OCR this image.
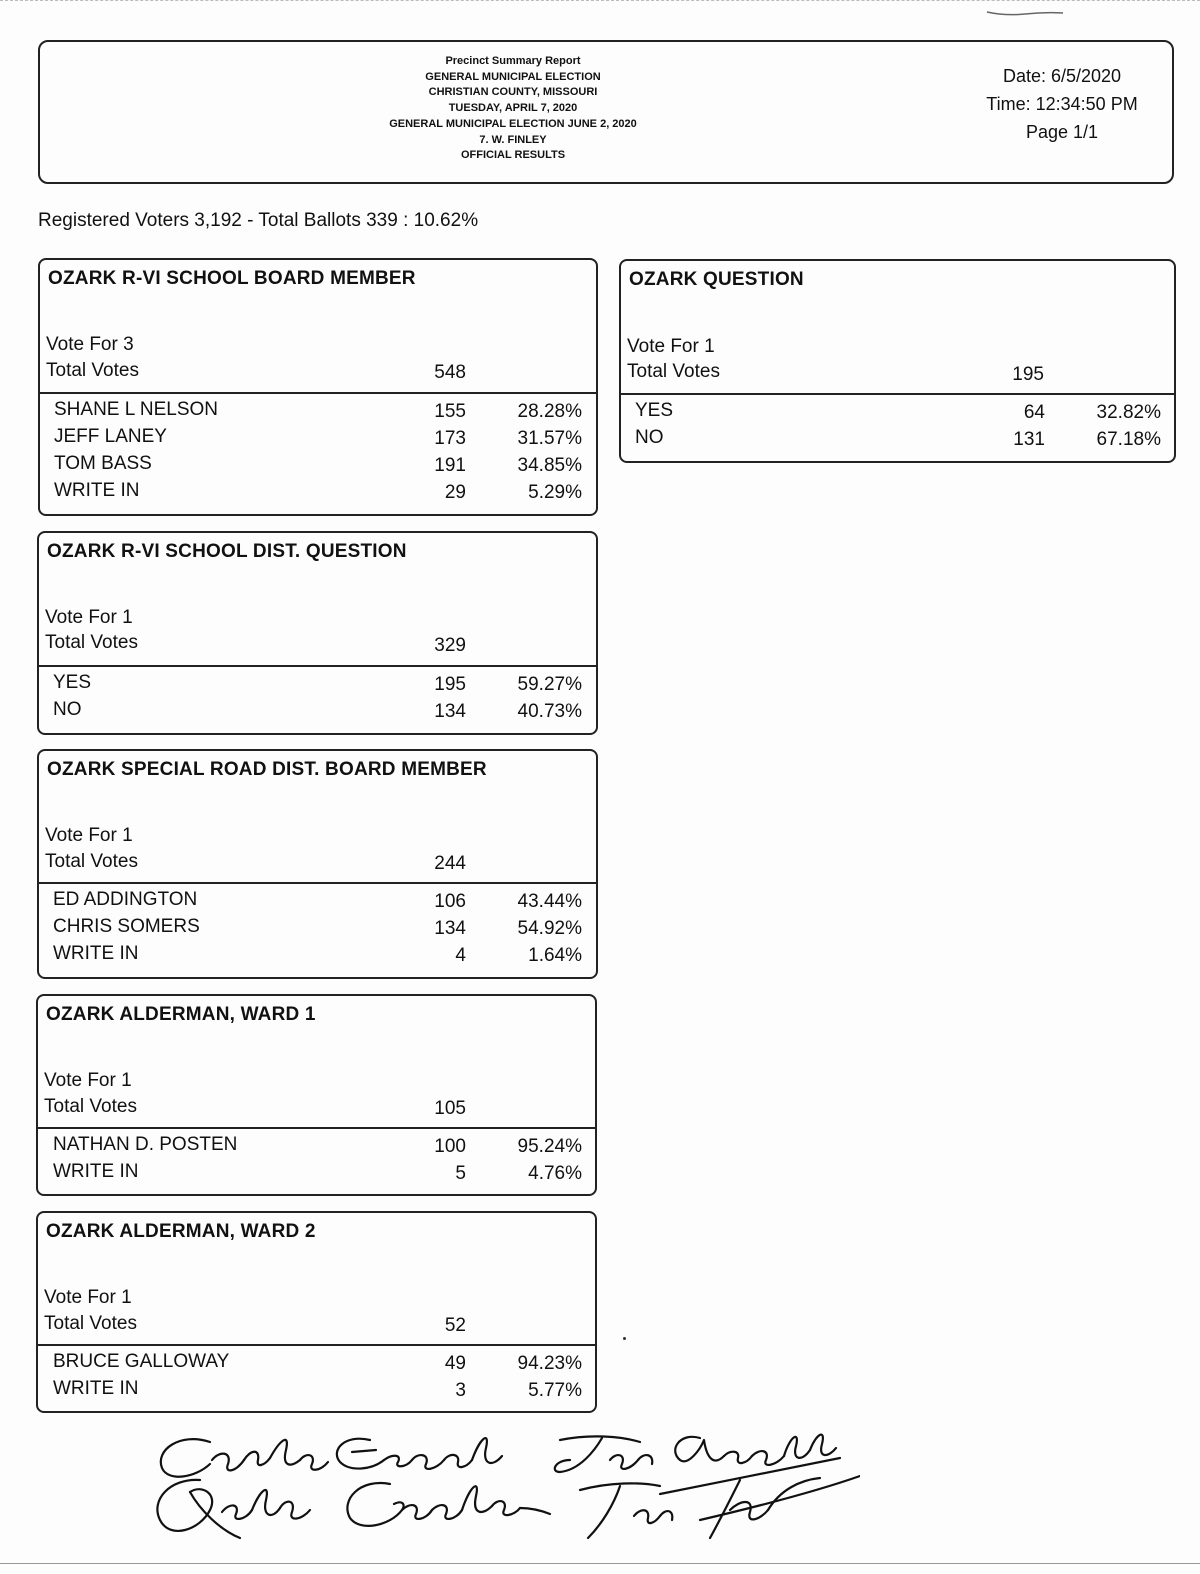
Precinct Summary Report
GENERAL MUNICIPAL ELECTION
CHRISTIAN COUNTY, MISSOURI
TUESDAY, APRIL 7, 2020
GENERAL MUNICIPAL ELECTION JUNE 2, 2020
7. W. FINLEY
OFFICIAL RESULTS
Date: 6/5/2020
Time: 12:34:50 PM
Page 1/1
Registered Voters 3,192 - Total Ballots 339 : 10.62%
OZARK R-VI SCHOOL BOARD MEMBER
Vote For 3
Total Votes	548
SHANE L NELSON	155	28.28%
JEFF LANEY	173	31.57%
TOM BASS	191	34.85%
WRITE IN	29	5.29%
OZARK R-VI SCHOOL DIST. QUESTION
Vote For 1
Total Votes	329
YES	195	59.27%
NO	134	40.73%
OZARK SPECIAL ROAD DIST. BOARD MEMBER
Vote For 1
Total Votes	244
ED ADDINGTON	106	43.44%
CHRIS SOMERS	134	54.92%
WRITE IN	4	1.64%
OZARK ALDERMAN, WARD 1
Vote For 1
Total Votes	105
NATHAN D. POSTEN	100	95.24%
WRITE IN	5	4.76%
OZARK ALDERMAN, WARD 2
Vote For 1
Total Votes	52
BRUCE GALLOWAY	49	94.23%
WRITE IN	3	5.77%
OZARK QUESTION
Vote For 1
Total Votes	195
YES	64	32.82%
NO	131	67.18%
